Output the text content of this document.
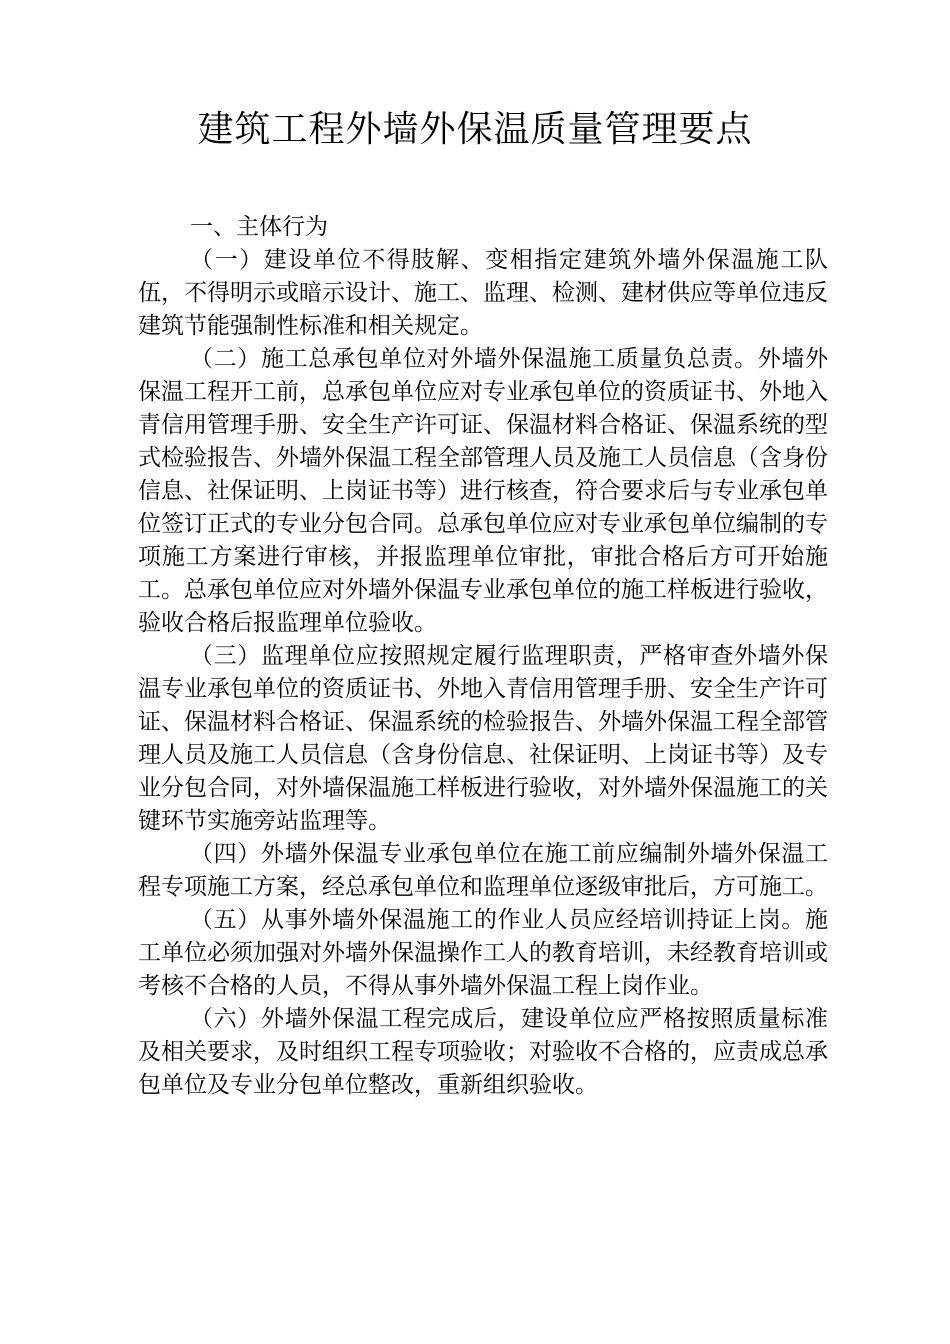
建筑工程外墙外保温质量管理要点
一、主体行为

（一）建设单位不得肢解、变相指定建筑外墙外保温施工队伍，不得明示或暗示设计、施工、监理、检测、建材供应等单位违反建筑节能强制性标准和相关规定。

（二）施工总承包单位对外墙外保温施工质量负总责。外墙外保温工程开工前，总承包单位应对专业承包单位的资质证书、外地入青信用管理手册、安全生产许可证、保温材料合格证、保温系统的型式检验报告、外墙外保温工程全部管理人员及施工人员信息（含身份信息、社保证明、上岗证书等）进行核查，符合要求后与专业承包单位签订正式的专业分包合同。总承包单位应对专业承包单位编制的专项施工方案进行审核，并报监理单位审批，审批合格后方可开始施工。总承包单位应对外墙外保温专业承包单位的施工样板进行验收，验收合格后报监理单位验收。

（三）监理单位应按照规定履行监理职责，严格审查外墙外保温专业承包单位的资质证书、外地入青信用管理手册、安全生产许可证、保温材料合格证、保温系统的检验报告、外墙外保温工程全部管理人员及施工人员信息（含身份信息、社保证明、上岗证书等）及专业分包合同，对外墙保温施工样板进行验收，对外墙外保温施工的关键环节实施旁站监理等。

（四）外墙外保温专业承包单位在施工前应编制外墙外保温工程专项施工方案，经总承包单位和监理单位逐级审批后，方可施工。

（五）从事外墙外保温施工的作业人员应经培训持证上岗。施工单位必须加强对外墙外保温操作工人的教育培训，未经教育培训或考核不合格的人员，不得从事外墙外保温工程上岗作业。

（六）外墙外保温工程完成后，建设单位应严格按照质量标准及相关要求，及时组织工程专项验收；对验收不合格的，应责成总承包单位及专业分包单位整改，重新组织验收。
